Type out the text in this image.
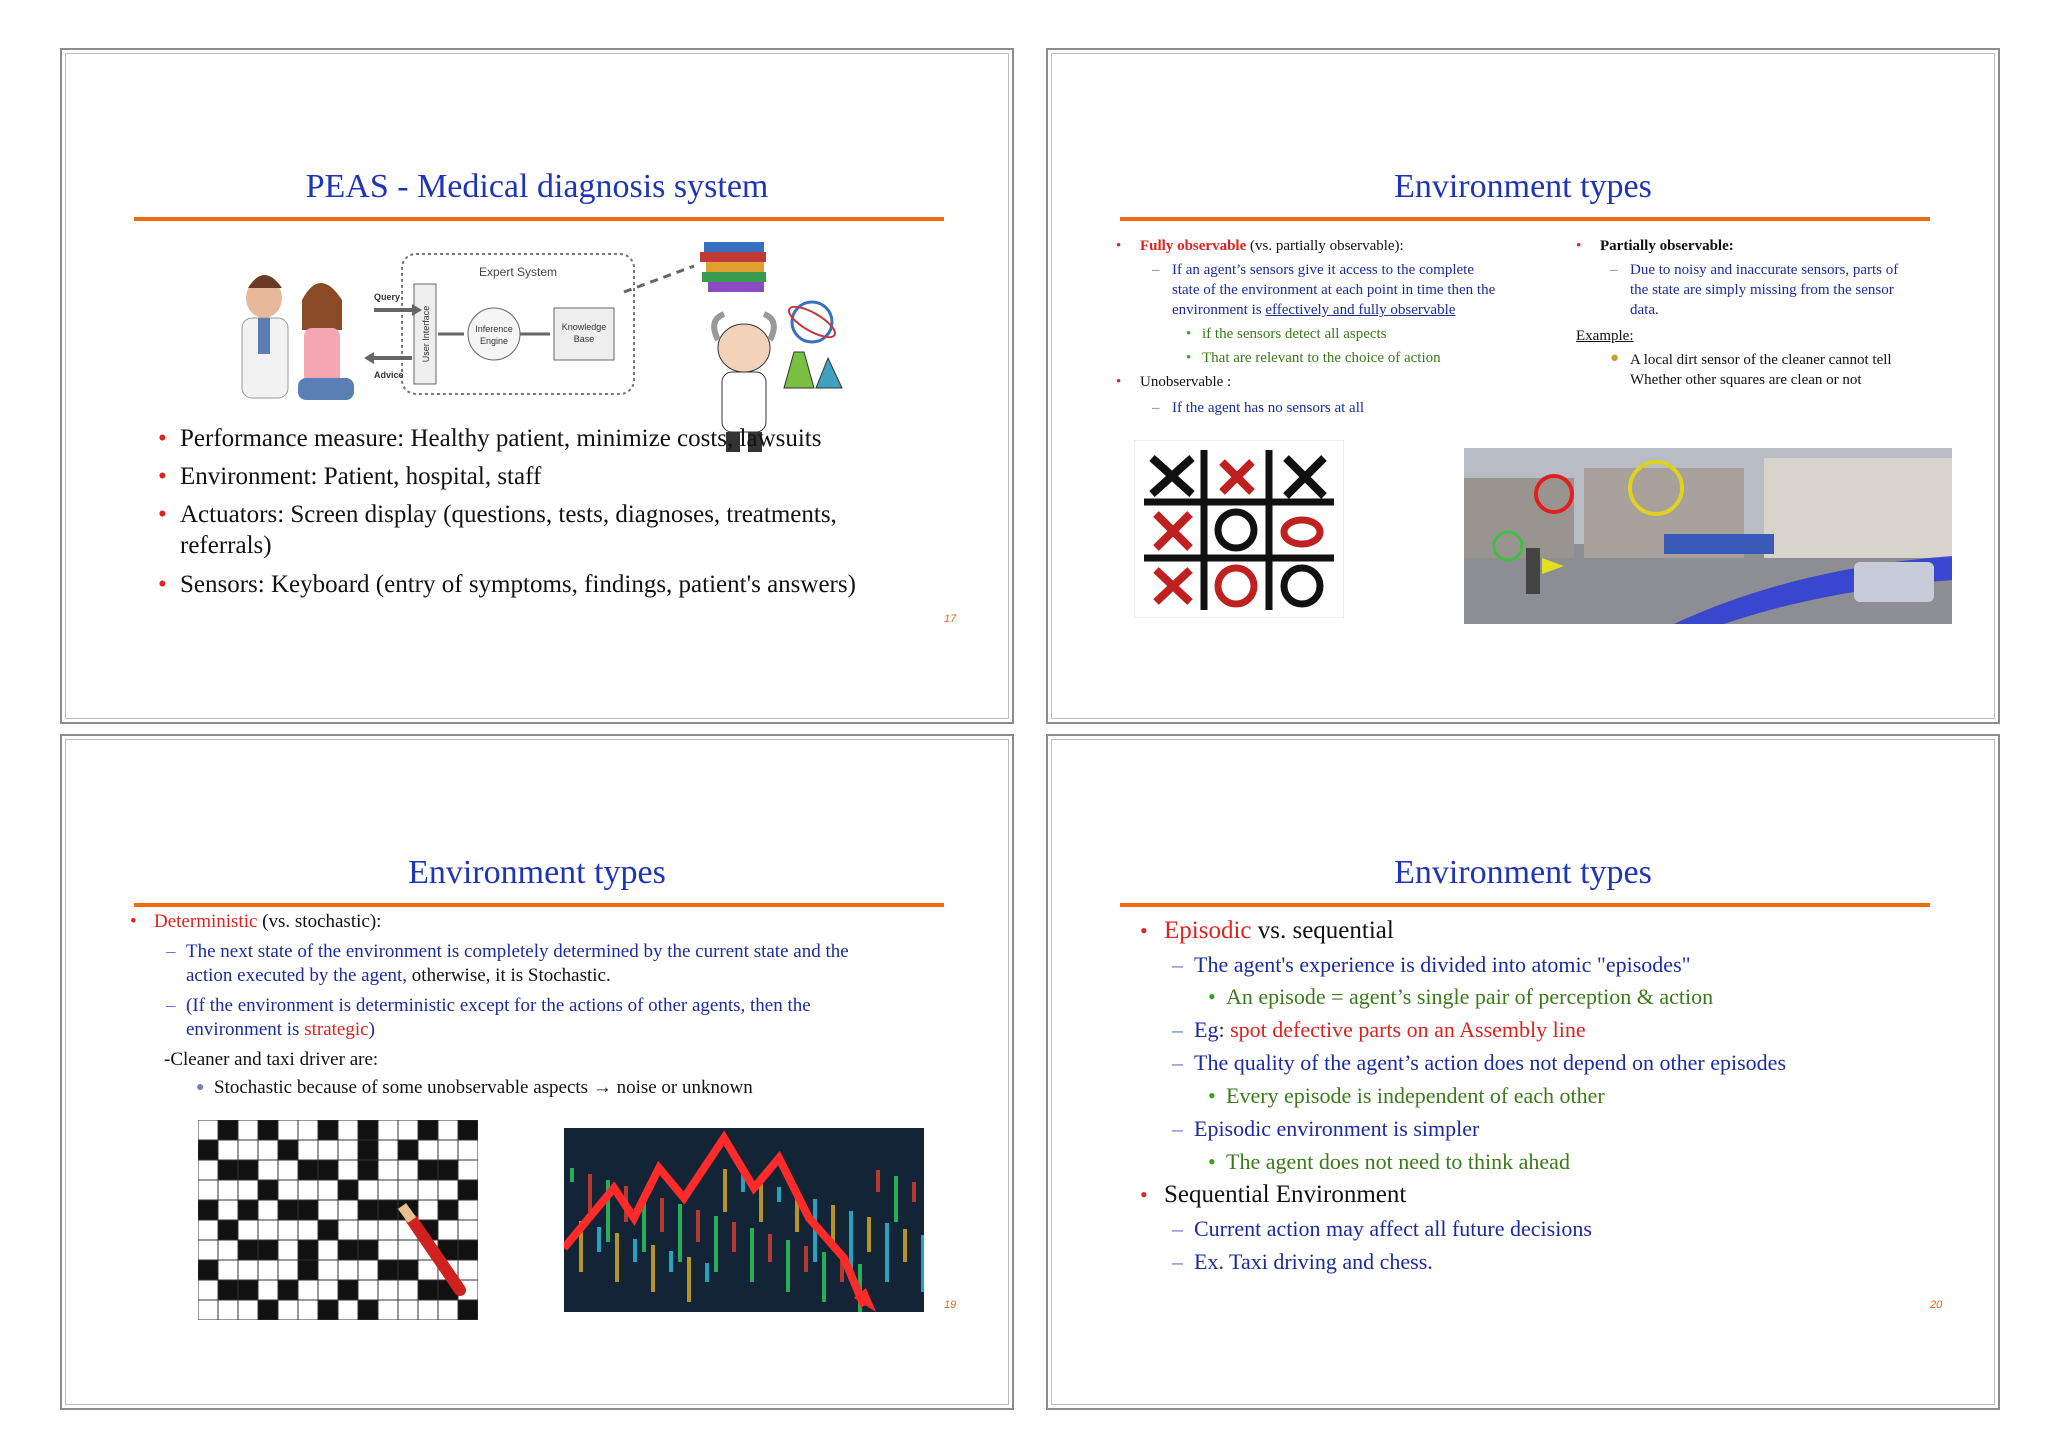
PEAS - Medical diagnosis system
Expert System
User Interface	Inference
Engine
Knowledge
Base
Query
Advice
• Performance measure: Healthy patient, minimize costs, lawsuits
• Environment: Patient, hospital, staff
• Actuators: Screen display (questions, tests, diagnoses, treatments,
referrals)
• Sensors: Keyboard (entry of symptoms, findings, patient's answers)
17
Environment types
• Fully observable (vs. partially observable):
– If an agent’s sensors give it access to the complete
state of the environment at each point in time then the
environment is effectively and fully observable
• if the sensors detect all aspects
• That are relevant to the choice of action
• Unobservable :
– If the agent has no sensors at all
• Partially observable:
– Due to noisy and inaccurate sensors, parts of
the state are simply missing from the sensor
data.
Example:
● A local dirt sensor of the cleaner cannot tell
Whether other squares are clean or not
Environment types
• Deterministic (vs. stochastic):
– The next state of the environment is completely determined by the current state and the
action executed by the agent, otherwise, it is Stochastic.
– (If the environment is deterministic except for the actions of other agents, then the
environment is strategic)
-Cleaner and taxi driver are:
● Stochastic because of some unobservable aspects → noise or unknown
19
Environment types
• Episodic vs. sequential
– The agent's experience is divided into atomic "episodes"
• An episode = agent’s single pair of perception & action
– Eg: spot defective parts on an Assembly line
– The quality of the agent’s action does not depend on other episodes
• Every episode is independent of each other
– Episodic environment is simpler
• The agent does not need to think ahead
• Sequential Environment
– Current action may affect all future decisions
– Ex. Taxi driving and chess.
20
